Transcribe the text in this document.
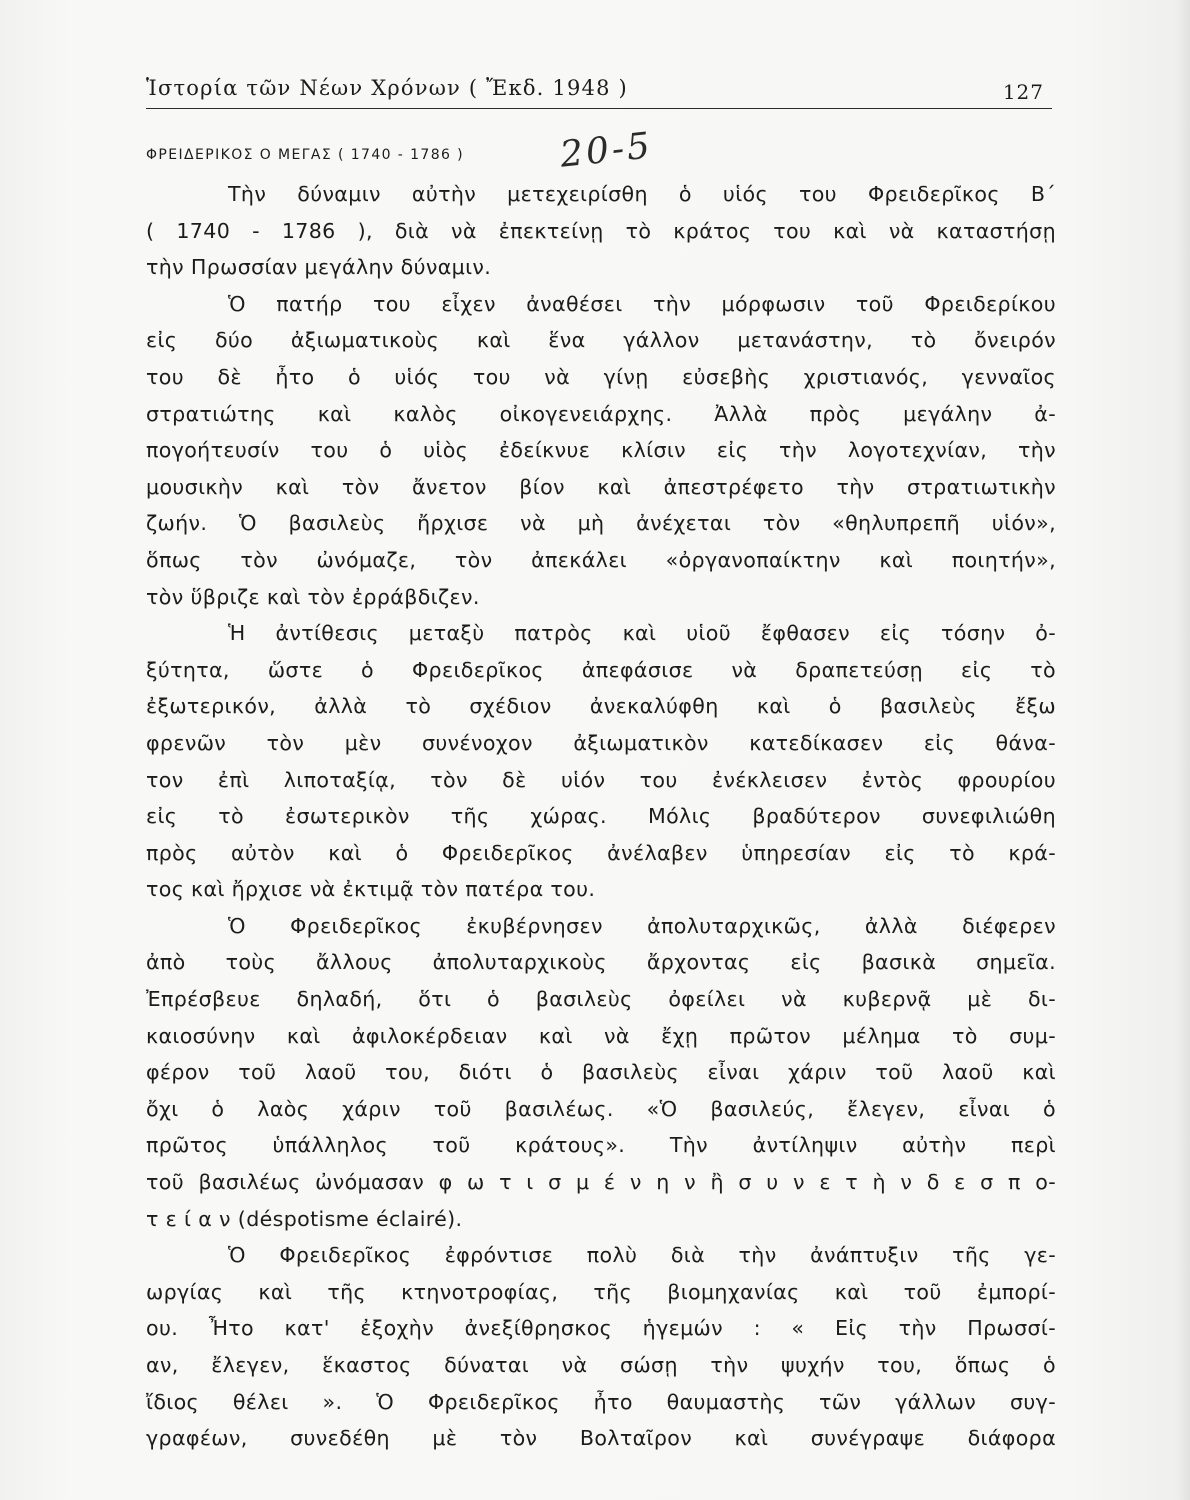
Ἱστορία τῶν Νέων Χρόνων ( Ἔκδ. 1948 )	127
ΦΡΕΙΔΕΡΙΚΟΣ Ο ΜΕΓΑΣ ( 1740 - 1786 )	20-5
Τὴν δύναμιν αὐτὴν μετεχειρίσθη ὁ υἱός του Φρειδερῖκος Β΄
( 1740 - 1786 ), διὰ νὰ ἐπεκτείνῃ τὸ κράτος του καὶ νὰ καταστήσῃ
τὴν Πρωσσίαν μεγάλην δύναμιν.
Ὁ πατήρ του εἶχεν ἀναθέσει τὴν μόρφωσιν τοῦ Φρειδερίκου
εἰς δύο ἀξιωματικοὺς καὶ ἕνα γάλλον μετανάστην, τὸ ὄνειρόν
του δὲ ἦτο ὁ υἱός του νὰ γίνῃ εὐσεβὴς χριστιανός, γενναῖος
στρατιώτης καὶ καλὸς οἰκογενειάρχης. Ἀλλὰ πρὸς μεγάλην ἀ-
πογοήτευσίν του ὁ υἱὸς ἐδείκνυε κλίσιν εἰς τὴν λογοτεχνίαν, τὴν
μουσικὴν καὶ τὸν ἄνετον βίον καὶ ἀπεστρέφετο τὴν στρατιωτικὴν
ζωήν. Ὁ βασιλεὺς ἤρχισε νὰ μὴ ἀνέχεται τὸν «θηλυπρεπῆ υἱόν»,
ὅπως τὸν ὠνόμαζε, τὸν ἀπεκάλει «ὀργανοπαίκτην καὶ ποιητήν»,
τὸν ὕβριζε καὶ τὸν ἐρράβδιζεν.
Ἡ ἀντίθεσις μεταξὺ πατρὸς καὶ υἱοῦ ἔφθασεν εἰς τόσην ὀ-
ξύτητα, ὥστε ὁ Φρειδερῖκος ἀπεφάσισε νὰ δραπετεύσῃ εἰς τὸ
ἐξωτερικόν, ἀλλὰ τὸ σχέδιον ἀνεκαλύφθη καὶ ὁ βασιλεὺς ἔξω
φρενῶν τὸν μὲν συνένοχον ἀξιωματικὸν κατεδίκασεν εἰς θάνα-
τον ἐπὶ λιποταξίᾳ, τὸν δὲ υἱόν του ἐνέκλεισεν ἐντὸς φρουρίου
εἰς τὸ ἐσωτερικὸν τῆς χώρας. Μόλις βραδύτερον συνεφιλιώθη
πρὸς αὐτὸν καὶ ὁ Φρειδερῖκος ἀνέλαβεν ὑπηρεσίαν εἰς τὸ κρά-
τος καὶ ἤρχισε νὰ ἐκτιμᾷ τὸν πατέρα του.
Ὁ Φρειδερῖκος ἐκυβέρνησεν ἀπολυταρχικῶς, ἀλλὰ διέφερεν
ἀπὸ τοὺς ἄλλους ἀπολυταρχικοὺς ἄρχοντας εἰς βασικὰ σημεῖα.
Ἐπρέσβευε δηλαδή, ὅτι ὁ βασιλεὺς ὀφείλει νὰ κυβερνᾷ μὲ δι-
καιοσύνην καὶ ἀφιλοκέρδειαν καὶ νὰ ἔχῃ πρῶτον μέλημα τὸ συμ-
φέρον τοῦ λαοῦ του, διότι ὁ βασιλεὺς εἶναι χάριν τοῦ λαοῦ καὶ
ὄχι ὁ λαὸς χάριν τοῦ βασιλέως. «Ὁ βασιλεύς, ἔλεγεν, εἶναι ὁ
πρῶτος ὑπάλληλος τοῦ κράτους». Τὴν ἀντίληψιν αὐτὴν περὶ
τοῦ βασιλέως ὠνόμασαν φ ω τ ι σ μ έ ν η ν ἢ σ υ ν ε τ ὴ ν δ ε σ π ο-
τ ε ί α ν (déspotisme éclairé).
Ὁ Φρειδερῖκος ἐφρόντισε πολὺ διὰ τὴν ἀνάπτυξιν τῆς γε-
ωργίας καὶ τῆς κτηνοτροφίας, τῆς βιομηχανίας καὶ τοῦ ἐμπορί-
ου. Ἦτο κατ' ἐξοχὴν ἀνεξίθρησκος ἡγεμών : « Εἰς τὴν Πρωσσί-
αν, ἔλεγεν, ἕκαστος δύναται νὰ σώσῃ τὴν ψυχήν του, ὅπως ὁ
ἴδιος θέλει ». Ὁ Φρειδερῖκος ἦτο θαυμαστὴς τῶν γάλλων συγ-
γραφέων, συνεδέθη μὲ τὸν Βολταῖρον καὶ συνέγραψε διάφορα
